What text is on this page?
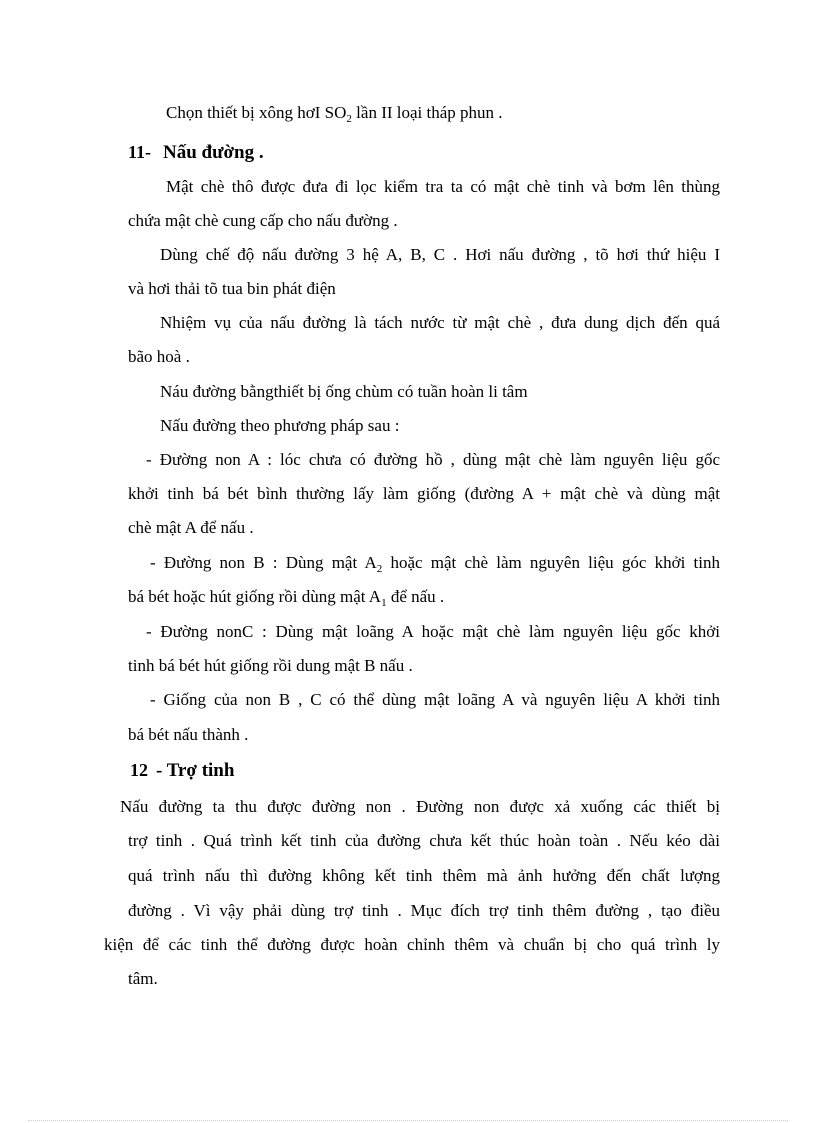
Chọn thiết bị xông hơI $SO_2$ lần II loại tháp phun .
11- Nấu đường .
Mật chè thô được đưa đi lọc kiểm tra ta có mật chè tinh và bơm lên thùng
chứa mật chè cung cấp cho nấu đường .
Dùng chế độ nấu đường 3 hệ A, B, C . Hơi nấu đường , tõ hơi thứ hiệu I
và hơi thải tõ tua bin phát điện
Nhiệm vụ của nấu đường là tách nước từ mật chè , đưa dung dịch đến quá
bão hoà .
Náu đường bằngthiết bị ống chùm có tuần hoàn li tâm
Nấu đường theo phương pháp sau :
- Đường non A : lóc chưa có đường hồ , dùng mật chè làm nguyên liệu gốc
khởi tinh bá bét bình thường lấy làm giống (đường A + mật chè và dùng mật
chè mật A để nấu .
- Đường non B : Dùng mật $A_2$ hoặc mật chè làm nguyên liệu góc khởi tinh
bá bét hoặc hút giống rồi dùng mật $A_1$ để nấu .
- Đường nonC : Dùng mật loãng A hoặc mật chè làm nguyên liệu gốc khởi
tinh bá bét hút giống rồi dung mật B nấu .
- Giống của non B , C có thể dùng mật loãng A và nguyên liệu A khởi tinh
bá bét nấu thành .
12 - Trợ tinh
Nấu đường ta thu được đường non . Đường non được xả xuống các thiết bị
trợ tinh . Quá trình kết tinh của đường chưa kết thúc hoàn toàn . Nếu kéo dài
quá trình nấu thì đường không kết tinh thêm mà ảnh hưởng đến chất lượng
đường . Vì vậy phải dùng trợ tinh . Mục đích trợ tinh thêm đường , tạo điều
kiện để các tinh thể đường được hoàn chỉnh thêm và chuẩn bị cho quá trình ly
tâm.
